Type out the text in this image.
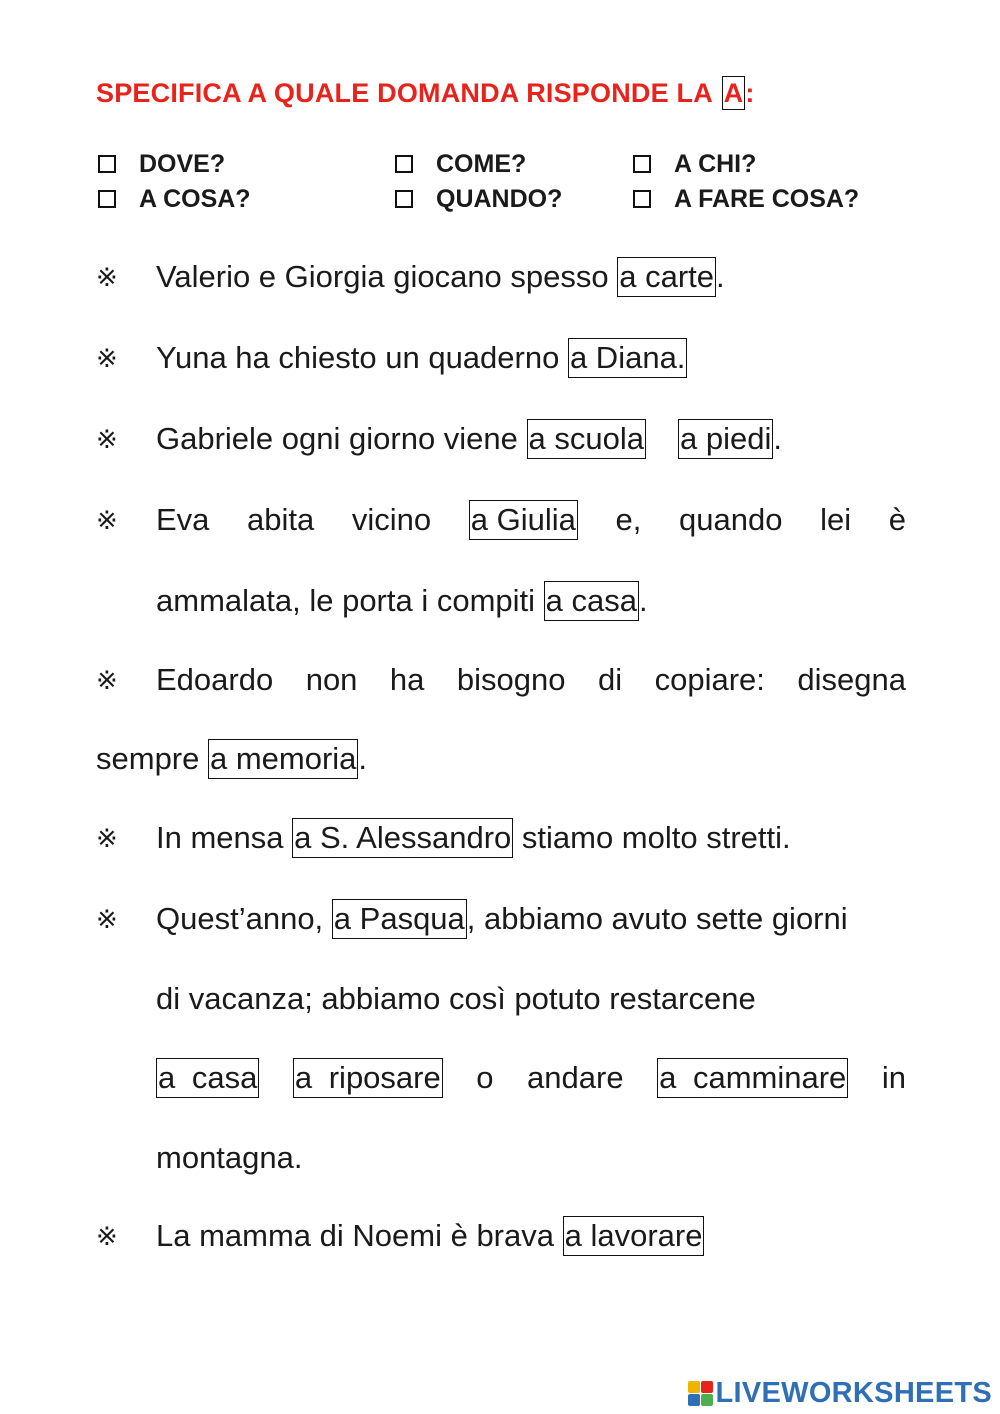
SPECIFICA A QUALE DOMANDA RISPONDE LA A:
DOVE?	COME?	A CHI?
A COSA?	QUANDO?	A FARE COSA?
※ Valerio e Giorgia giocano spesso a carte.
※ Yuna ha chiesto un quaderno a Diana.
※ Gabriele ogni giorno viene a scuola a piedi.
※ Eva abita vicino a Giulia e, quando lei è
ammalata, le porta i compiti a casa.
※ Edoardo non ha bisogno di copiare: disegna
sempre a memoria.
※ In mensa a S. Alessandro stiamo molto stretti.
※ Quest’anno, a Pasqua, abbiamo avuto sette giorni
di vacanza; abbiamo così potuto restarcene
a casa a riposare o andare a camminare in
montagna.
※ La mamma di Noemi è brava a lavorare
LIVEWORKSHEETS
